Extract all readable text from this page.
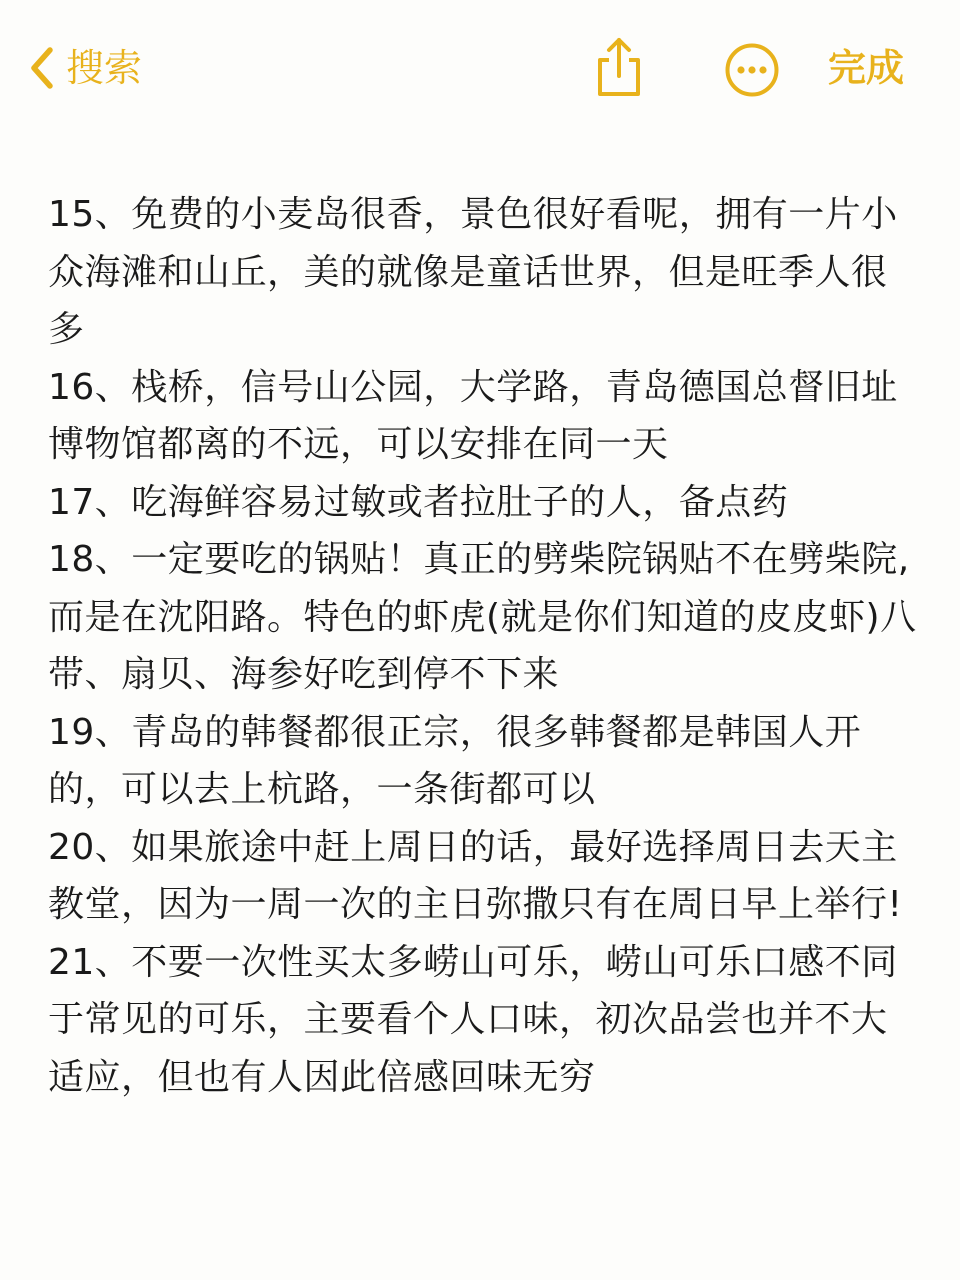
搜索	完成

15、免费的小麦岛很香，景色很好看呢，拥有一片小众海滩和山丘，美的就像是童话世界，但是旺季人很多

16、栈桥，信号山公园，大学路，青岛德国总督旧址博物馆都离的不远，可以安排在同一天

17、吃海鲜容易过敏或者拉肚子的人，备点药

18、一定要吃的锅贴！真正的劈柴院锅贴不在劈柴院,而是在沈阳路。特色的虾虎(就是你们知道的皮皮虾)八带、扇贝、海参好吃到停不下来

19、青岛的韩餐都很正宗，很多韩餐都是韩国人开的，可以去上杭路，一条街都可以

20、如果旅途中赶上周日的话，最好选择周日去天主教堂，因为一周一次的主日弥撒只有在周日早上举行!

21、不要一次性买太多崂山可乐，崂山可乐口感不同于常见的可乐，主要看个人口味，初次品尝也并不大适应，但也有人因此倍感回味无穷
